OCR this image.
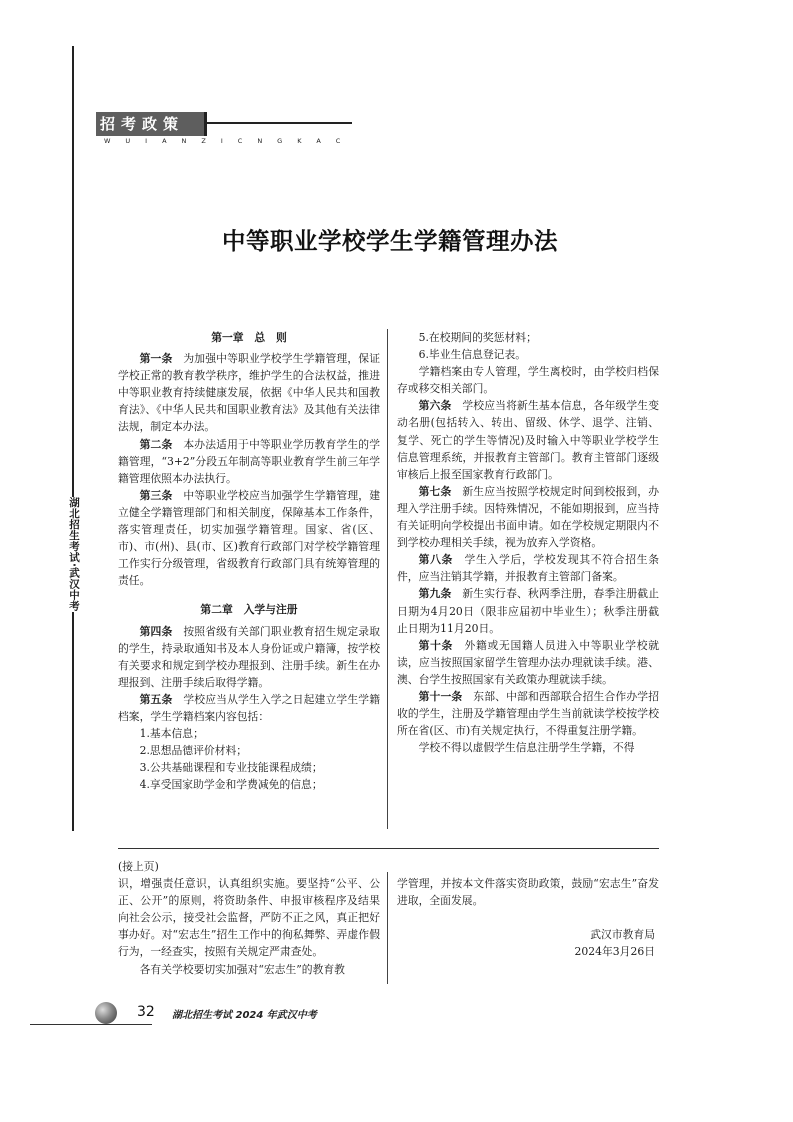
湖北招生考试·武汉中考
招考政策
WUIANZICNGKAC
中等职业学校学生学籍管理办法

第一章　总　则

第一条　为加强中等职业学校学生学籍管理，保证学校正常的教育教学秩序，维护学生的合法权益，推进中等职业教育持续健康发展，依据《中华人民共和国教育法》、《中华人民共和国职业教育法》及其他有关法律法规，制定本办法。

第二条　本办法适用于中等职业学历教育学生的学籍管理，“3+2”分段五年制高等职业教育学生前三年学籍管理依照本办法执行。

第三条　中等职业学校应当加强学生学籍管理，建立健全学籍管理部门和相关制度，保障基本工作条件，落实管理责任，切实加强学籍管理。国家、省(区、市)、市(州)、县(市、区)教育行政部门对学校学籍管理工作实行分级管理，省级教育行政部门具有统筹管理的责任。

第二章　入学与注册

第四条　按照省级有关部门职业教育招生规定录取的学生，持录取通知书及本人身份证或户籍簿，按学校有关要求和规定到学校办理报到、注册手续。新生在办理报到、注册手续后取得学籍。

第五条　学校应当从学生入学之日起建立学生学籍档案，学生学籍档案内容包括：

1.基本信息；

2.思想品德评价材料；

3.公共基础课程和专业技能课程成绩；

4.享受国家助学金和学费减免的信息；

5.在校期间的奖惩材料；

6.毕业生信息登记表。

学籍档案由专人管理，学生离校时，由学校归档保存或移交相关部门。

第六条　学校应当将新生基本信息，各年级学生变动名册(包括转入、转出、留级、休学、退学、注销、复学、死亡的学生等情况)及时输入中等职业学校学生信息管理系统，并报教育主管部门。教育主管部门逐级审核后上报至国家教育行政部门。

第七条　新生应当按照学校规定时间到校报到，办理入学注册手续。因特殊情况，不能如期报到，应当持有关证明向学校提出书面申请。如在学校规定期限内不到学校办理相关手续，视为放弃入学资格。

第八条　学生入学后，学校发现其不符合招生条件，应当注销其学籍，并报教育主管部门备案。

第九条　新生实行春、秋两季注册，春季注册截止日期为4月20日（限非应届初中毕业生）；秋季注册截止日期为11月20日。

第十条　外籍或无国籍人员进入中等职业学校就读，应当按照国家留学生管理办法办理就读手续。港、澳、台学生按照国家有关政策办理就读手续。

第十一条　东部、中部和西部联合招生合作办学招收的学生，注册及学籍管理由学生当前就读学校按学校所在省(区、市)有关规定执行，不得重复注册学籍。

学校不得以虚假学生信息注册学生学籍，不得

(接上页)

识，增强责任意识，认真组织实施。要坚持“公平、公正、公开”的原则，将资助条件、申报审核程序及结果向社会公示，接受社会监督，严防不正之风，真正把好事办好。对“宏志生”招生工作中的徇私舞弊、弄虚作假行为，一经查实，按照有关规定严肃查处。

各有关学校要切实加强对“宏志生”的教育教

学管理，并按本文件落实资助政策，鼓励“宏志生”奋发进取，全面发展。

武汉市教育局

2024年3月26日

32 湖北招生考试 2024 年武汉中考
